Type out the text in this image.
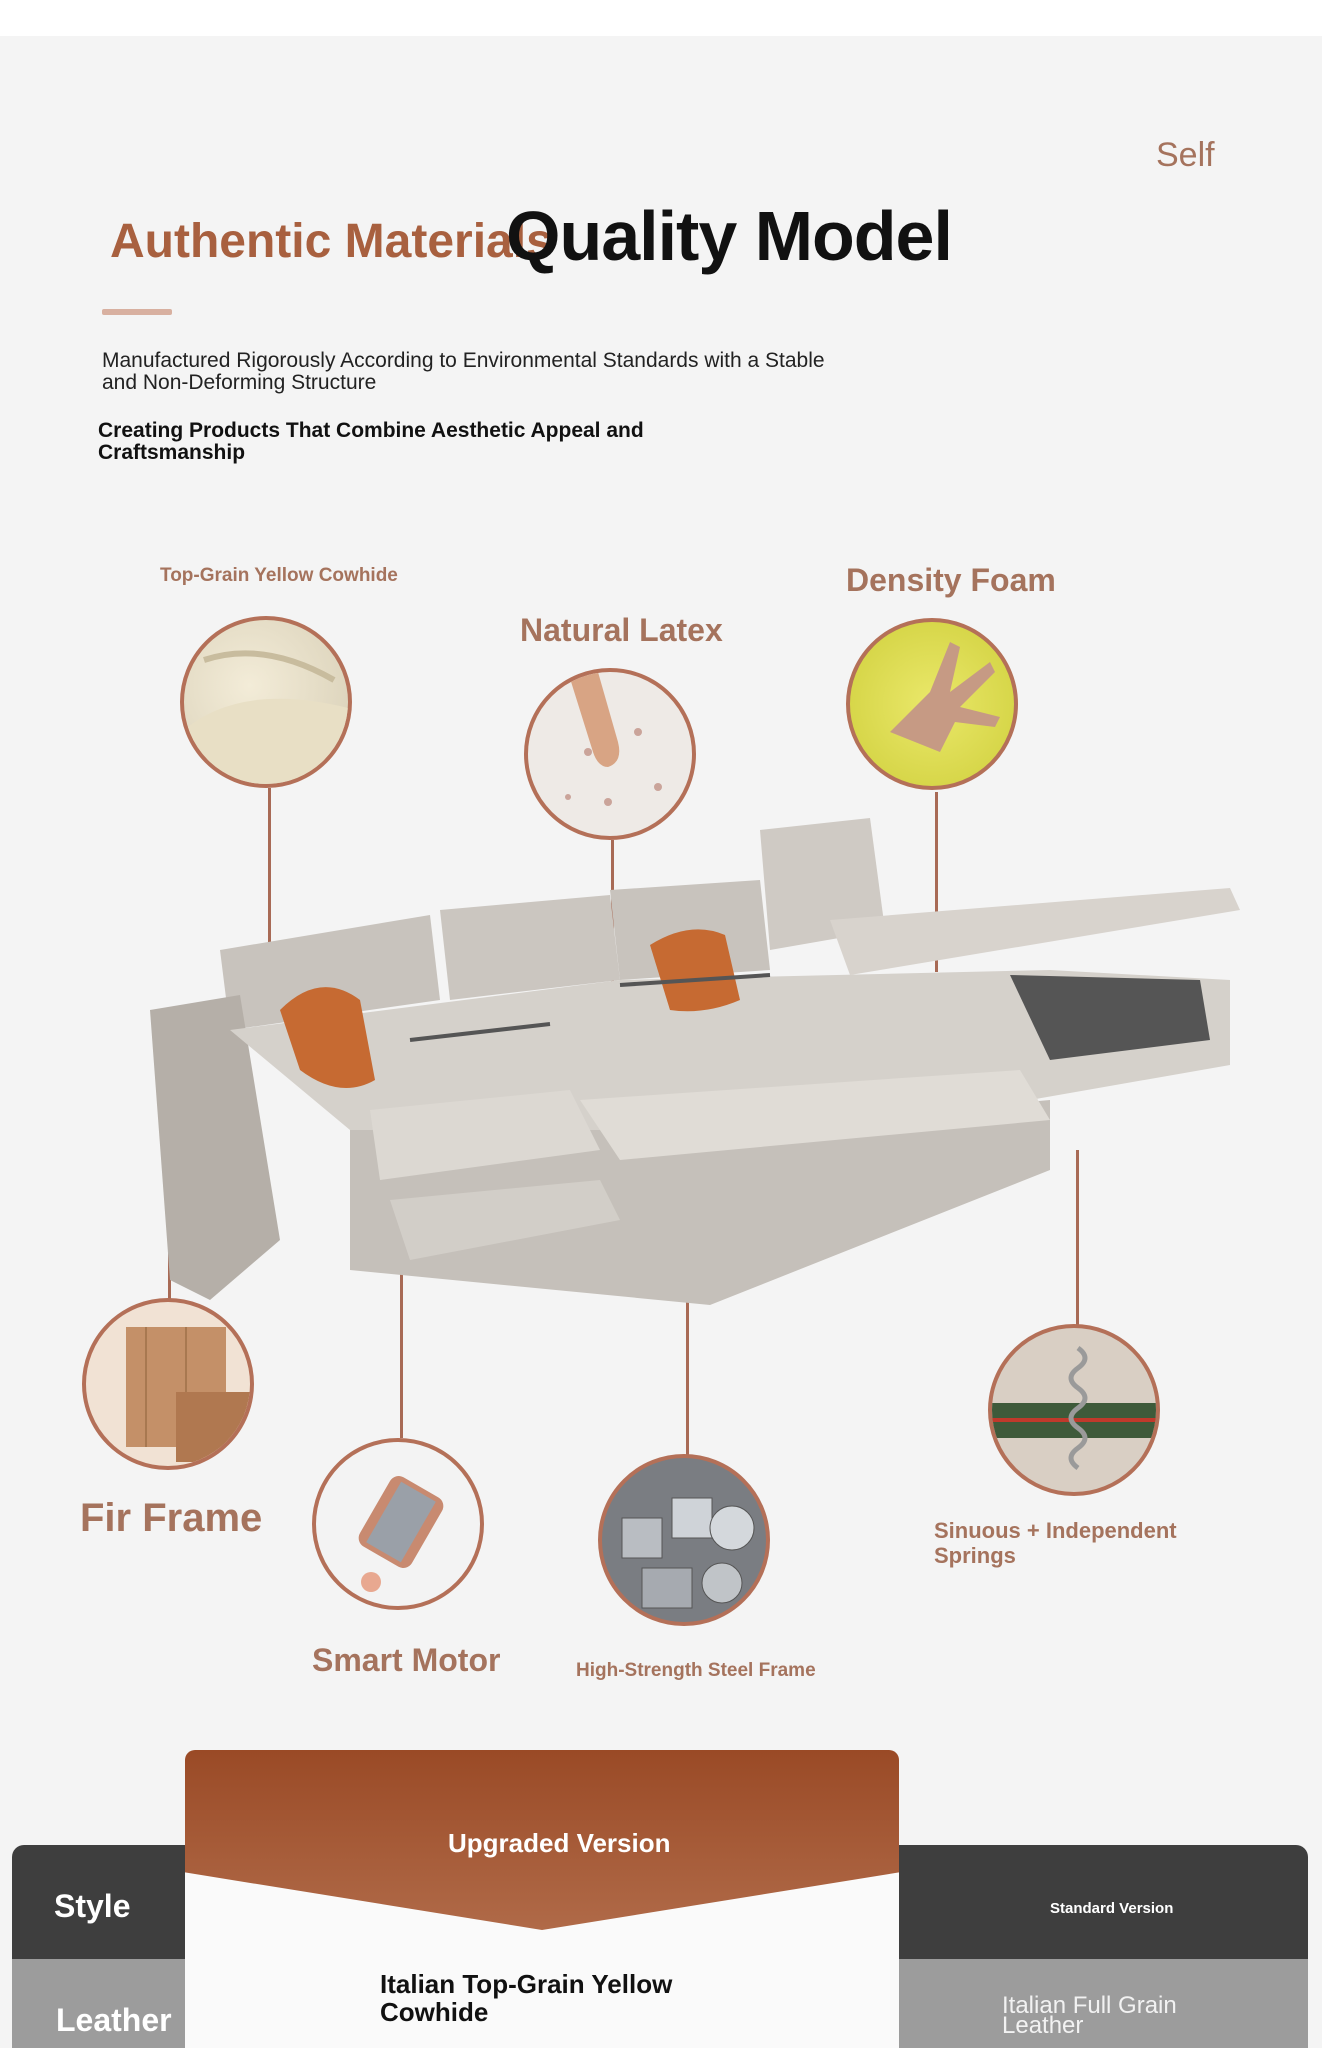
Self
Authentic Materials
Quality Model
Manufactured Rigorously According to Environmental Standards with a Stable and Non-Deforming Structure
Creating Products That Combine Aesthetic Appeal and Craftsmanship
Top-Grain Yellow Cowhide
Natural Latex
Density Foam
Fir Frame
Smart Motor	High-Strength Steel Frame
Sinuous + Independent Springs
Style
Leather
Standard Version
Italian Full Grain Leather
Upgraded Version
Italian Top-Grain Yellow Cowhide
